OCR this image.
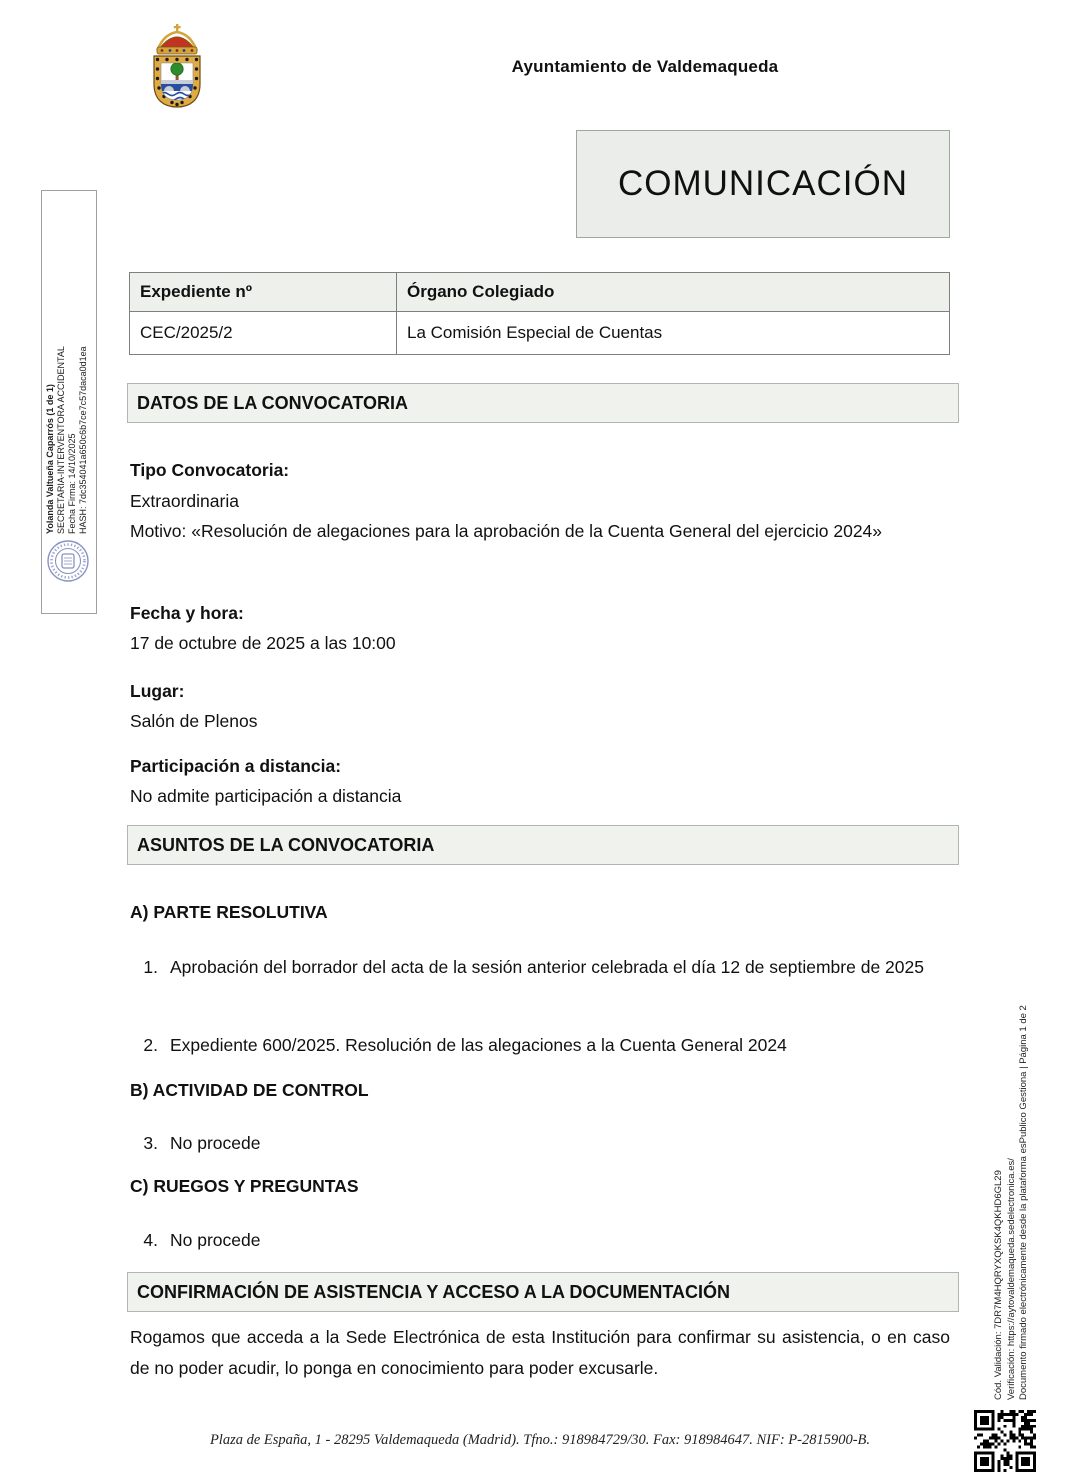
Ayuntamiento de Valdemaqueda
COMUNICACIÓN
Expediente nº	Órgano Colegiado
CEC/2025/2	La Comisión Especial de Cuentas
DATOS DE LA CONVOCATORIA
Tipo Convocatoria:
Extraordinaria
Motivo: «Resolución de alegaciones para la aprobación de la Cuenta General del ejercicio 2024»
Fecha y hora:
17 de octubre de 2025 a las 10:00
Lugar:
Salón de Plenos
Participación a distancia:
No admite participación a distancia
ASUNTOS DE LA CONVOCATORIA
A) PARTE RESOLUTIVA
1. Aprobación del borrador del acta de la sesión anterior celebrada el día 12 de septiembre de 2025
2. Expediente 600/2025. Resolución de las alegaciones a la Cuenta General 2024
B) ACTIVIDAD DE CONTROL
3. No procede
C) RUEGOS Y PREGUNTAS
4. No procede
CONFIRMACIÓN DE ASISTENCIA Y ACCESO A LA DOCUMENTACIÓN
Rogamos que acceda a la Sede Electrónica de esta Institución para confirmar su asistencia, o en caso de no poder acudir, lo ponga en conocimiento para poder excusarle.
Plaza de España, 1 - 28295 Valdemaqueda (Madrid). Tfno.: 918984729/30. Fax: 918984647. NIF: P-2815900-B.
Yolanda Valtueña Caparrós (1 de 1) SECRETARIA-INTERVENTORA ACCIDENTAL Fecha Firma: 14/10/2025 HASH: 7dc354041a650c6b7ce7c57daca0d1ea
Cód. Validación: 7DR7M4HQRYXQKSK4QKHD6GL29 Verificación: https://aytovaldemaqueda.sedelectronica.es/ Documento firmado electrónicamente desde la plataforma esPublico Gestiona | Página 1 de 2
